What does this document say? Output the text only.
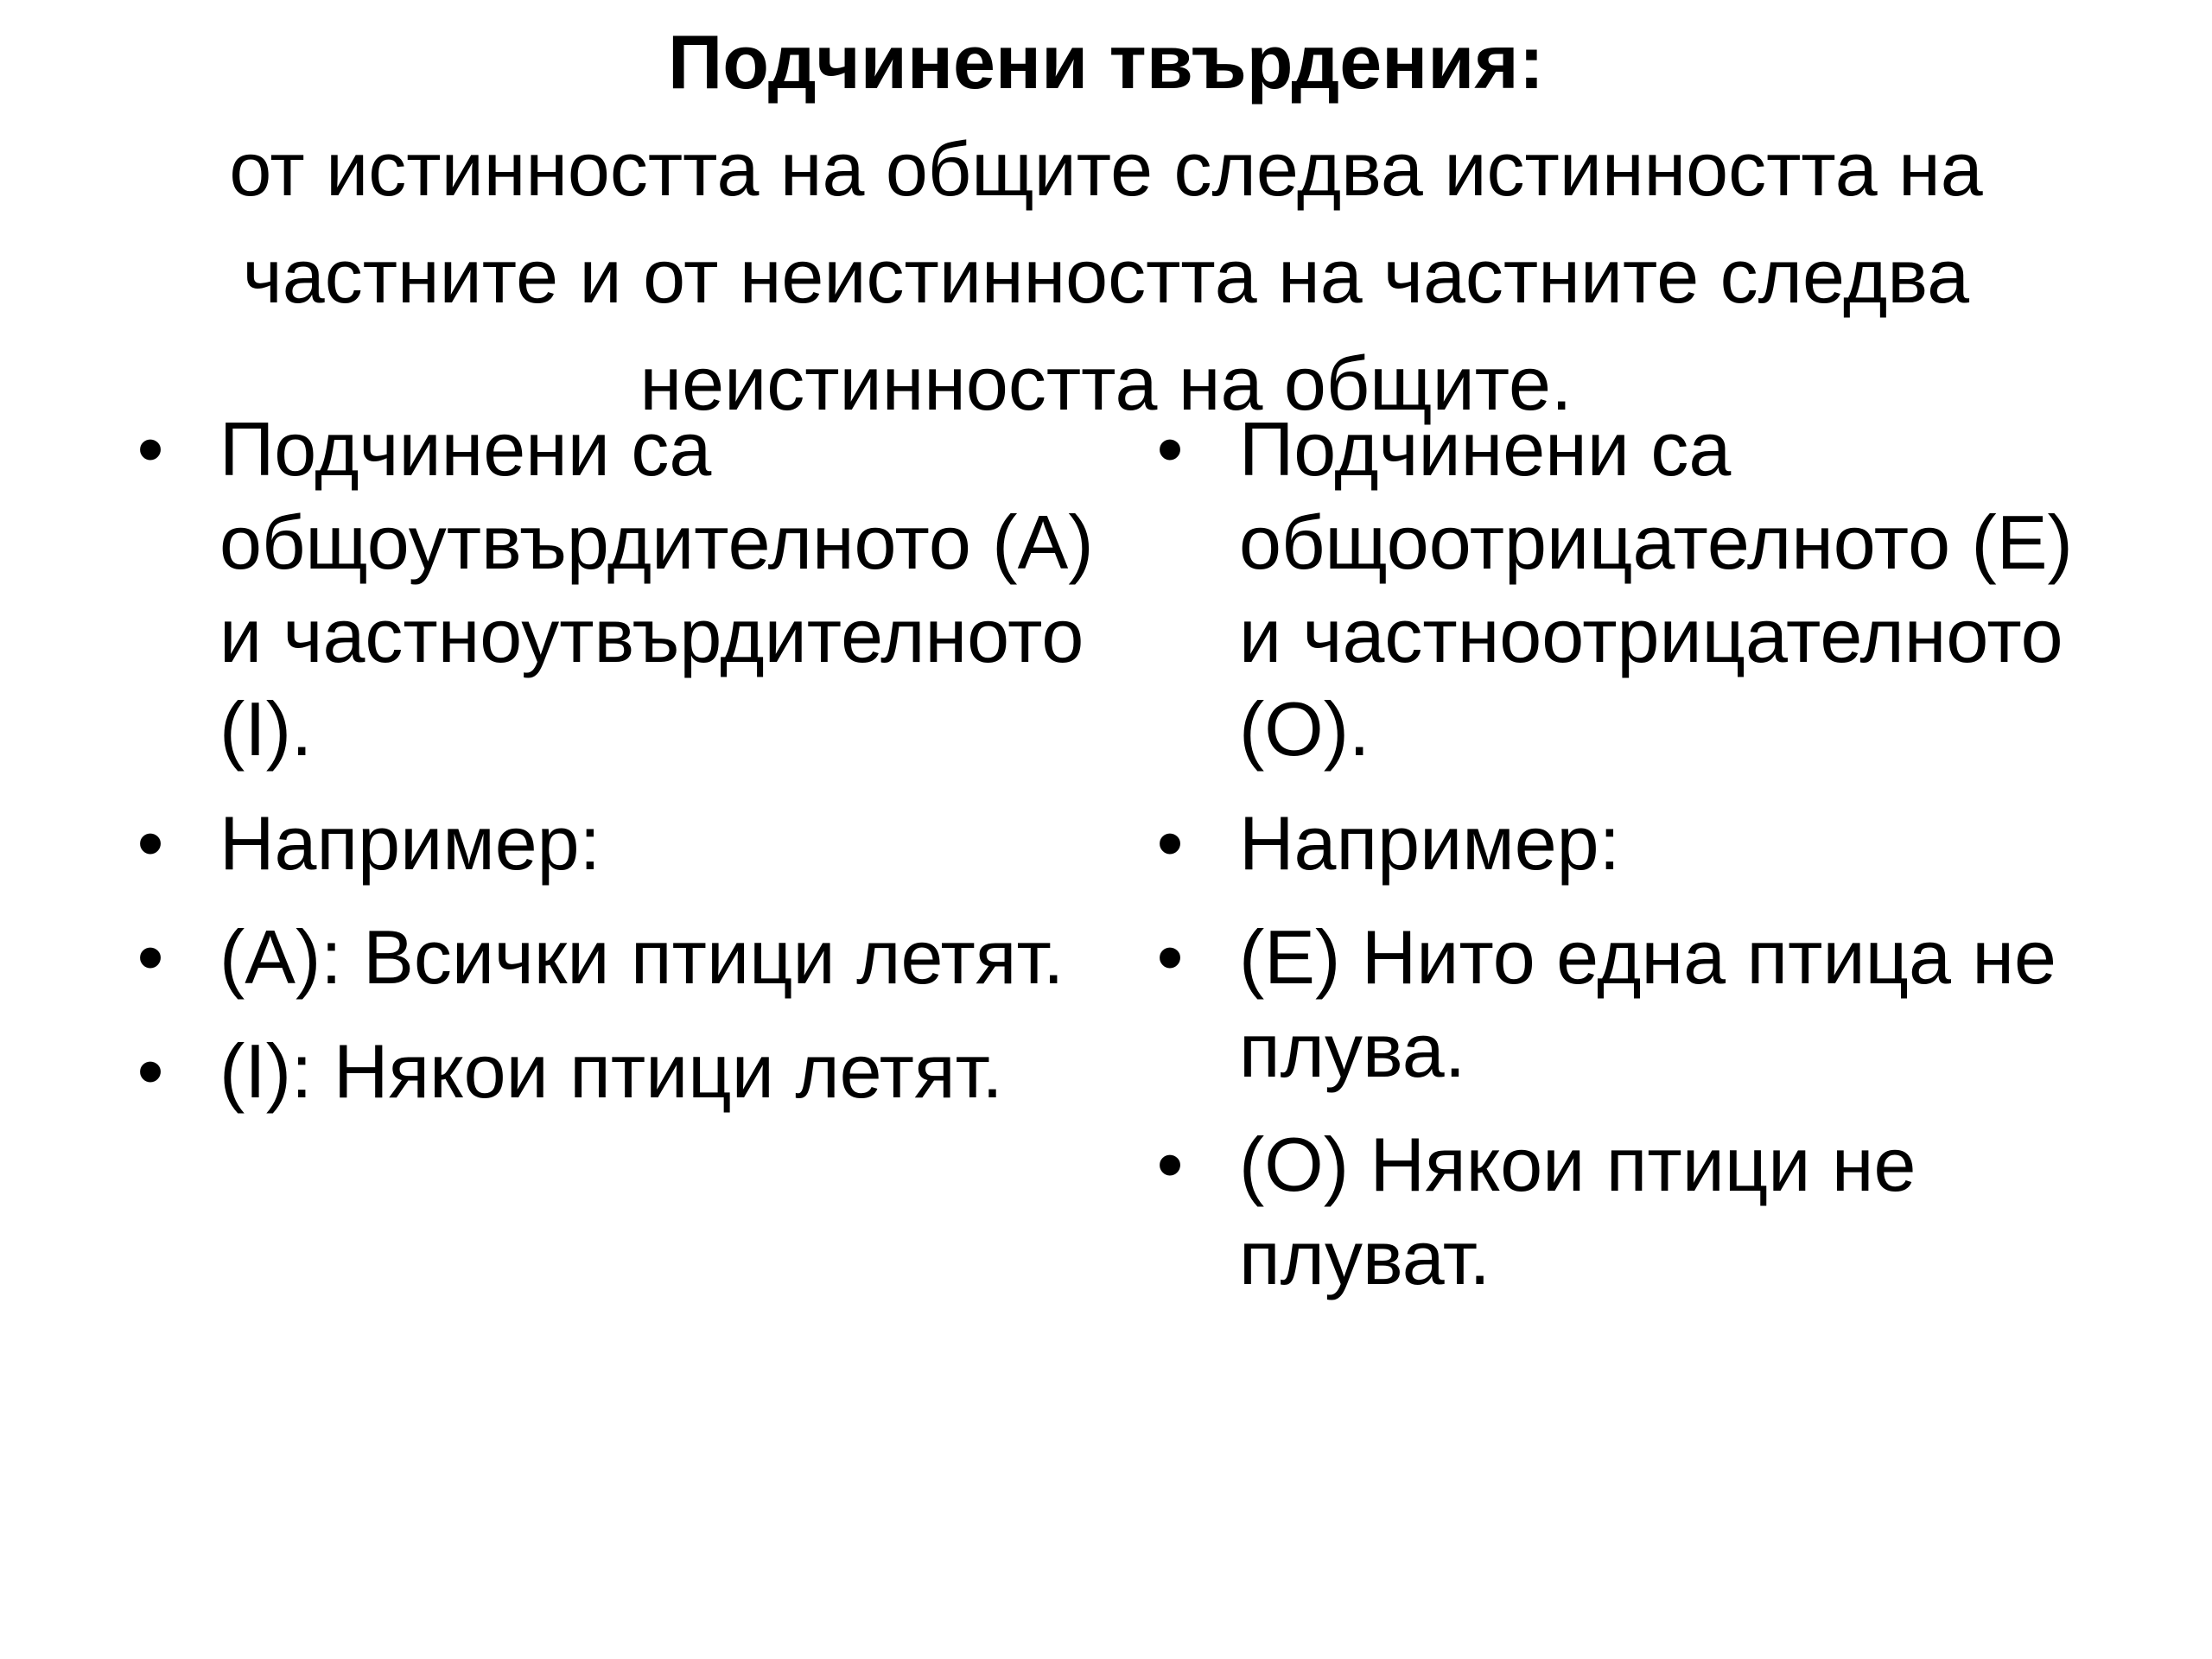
Подчинени твърдения:
от истинността на общите следва истинността на частните и от неистинността на частните следва неистинността на общите.
• Подчинени са общоутвърдителното (А) и частноутвърдителното (I).
• Например:
• (А): Всички птици летят.
• (I): Някои птици летят.
• Подчинени са общоотрицателното (Е) и частноотрицателното (О).
• Например:
• (Е) Нито една птица не плува.
• (О) Някои птици не плуват.
